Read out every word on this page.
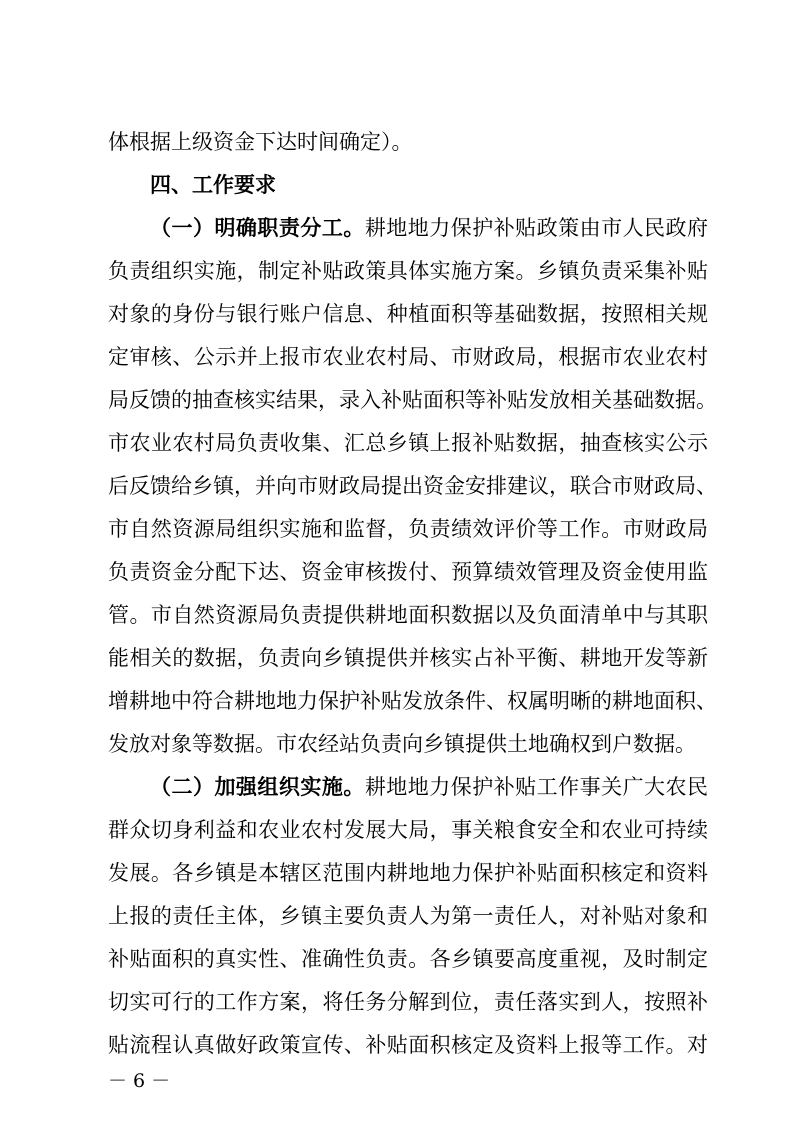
体根据上级资金下达时间确定）。
四、工作要求
（一）明确职责分工。耕地地力保护补贴政策由市人民政府
负责组织实施，制定补贴政策具体实施方案。乡镇负责采集补贴
对象的身份与银行账户信息、种植面积等基础数据，按照相关规
定审核、公示并上报市农业农村局、市财政局，根据市农业农村
局反馈的抽查核实结果，录入补贴面积等补贴发放相关基础数据。
市农业农村局负责收集、汇总乡镇上报补贴数据，抽查核实公示
后反馈给乡镇，并向市财政局提出资金安排建议，联合市财政局、
市自然资源局组织实施和监督，负责绩效评价等工作。市财政局
负责资金分配下达、资金审核拨付、预算绩效管理及资金使用监
管。市自然资源局负责提供耕地面积数据以及负面清单中与其职
能相关的数据，负责向乡镇提供并核实占补平衡、耕地开发等新
增耕地中符合耕地地力保护补贴发放条件、权属明晰的耕地面积、
发放对象等数据。市农经站负责向乡镇提供土地确权到户数据。
（二）加强组织实施。耕地地力保护补贴工作事关广大农民
群众切身利益和农业农村发展大局，事关粮食安全和农业可持续
发展。各乡镇是本辖区范围内耕地地力保护补贴面积核定和资料
上报的责任主体，乡镇主要负责人为第一责任人，对补贴对象和
补贴面积的真实性、准确性负责。各乡镇要高度重视，及时制定
切实可行的工作方案，将任务分解到位，责任落实到人，按照补
贴流程认真做好政策宣传、补贴面积核定及资料上报等工作。对
－ 6 －
